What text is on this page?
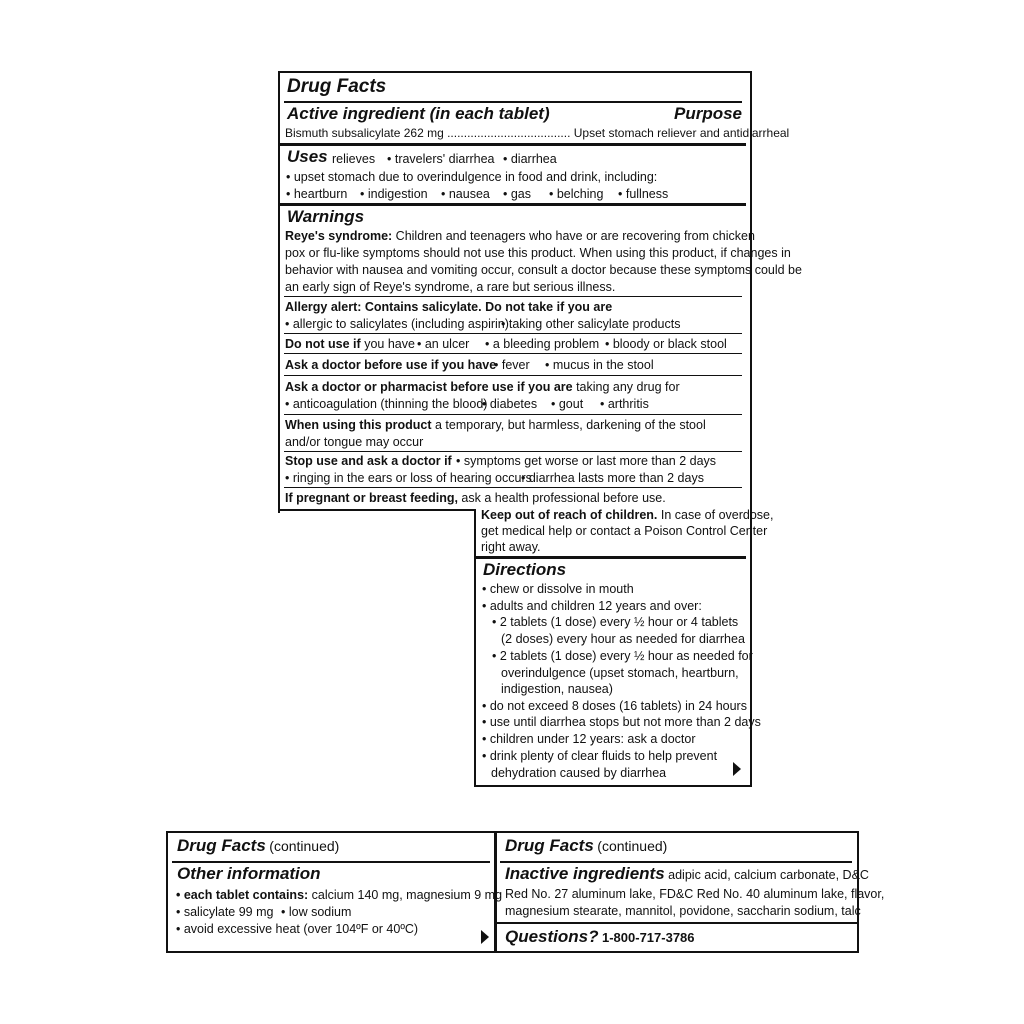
Drug Facts
Active ingredient (in each tablet)	Purpose
Bismuth subsalicylate 262 mg ..................................... Upset stomach reliever and antidiarrheal
Uses relieves • travelers' diarrhea • diarrhea
• upset stomach due to overindulgence in food and drink, including:
• heartburn • indigestion • nausea • gas • belching • fullness
Warnings
Reye's syndrome: Children and teenagers who have or are recovering from chicken
pox or flu-like symptoms should not use this product. When using this product, if changes in
behavior with nausea and vomiting occur, consult a doctor because these symptoms could be
an early sign of Reye's syndrome, a rare but serious illness.
Allergy alert: Contains salicylate. Do not take if you are
• allergic to salicylates (including aspirin)
• taking other salicylate products
Do not use if you have • an ulcer • a bleeding problem • bloody or black stool
Ask a doctor before use if you have
• fever • mucus in the stool
Ask a doctor or pharmacist before use if you are taking any drug for
• anticoagulation (thinning the blood)
• diabetes • gout • arthritis
When using this product a temporary, but harmless, darkening of the stool
and/or tongue may occur
Stop use and ask a doctor if • symptoms get worse or last more than 2 days
• ringing in the ears or loss of hearing occurs
• diarrhea lasts more than 2 days
If pregnant or breast feeding, ask a health professional before use.
Keep out of reach of children. In case of overdose,
get medical help or contact a Poison Control Center
right away.
Directions
• chew or dissolve in mouth
• adults and children 12 years and over:
• 2 tablets (1 dose) every ½ hour or 4 tablets
(2 doses) every hour as needed for diarrhea
• 2 tablets (1 dose) every ½ hour as needed for
overindulgence (upset stomach, heartburn,
indigestion, nausea)
• do not exceed 8 doses (16 tablets) in 24 hours
• use until diarrhea stops but not more than 2 days
• children under 12 years: ask a doctor
• drink plenty of clear fluids to help prevent
dehydration caused by diarrhea
Drug Facts (continued)
Other information
• each tablet contains: calcium 140 mg, magnesium 9 mg
• salicylate 99 mg • low sodium
• avoid excessive heat (over 104ºF or 40ºC)
Drug Facts (continued)
Inactive ingredients adipic acid, calcium carbonate, D&C
Red No. 27 aluminum lake, FD&C Red No. 40 aluminum lake, flavor,
magnesium stearate, mannitol, povidone, saccharin sodium, talc
Questions? 1-800-717-3786
